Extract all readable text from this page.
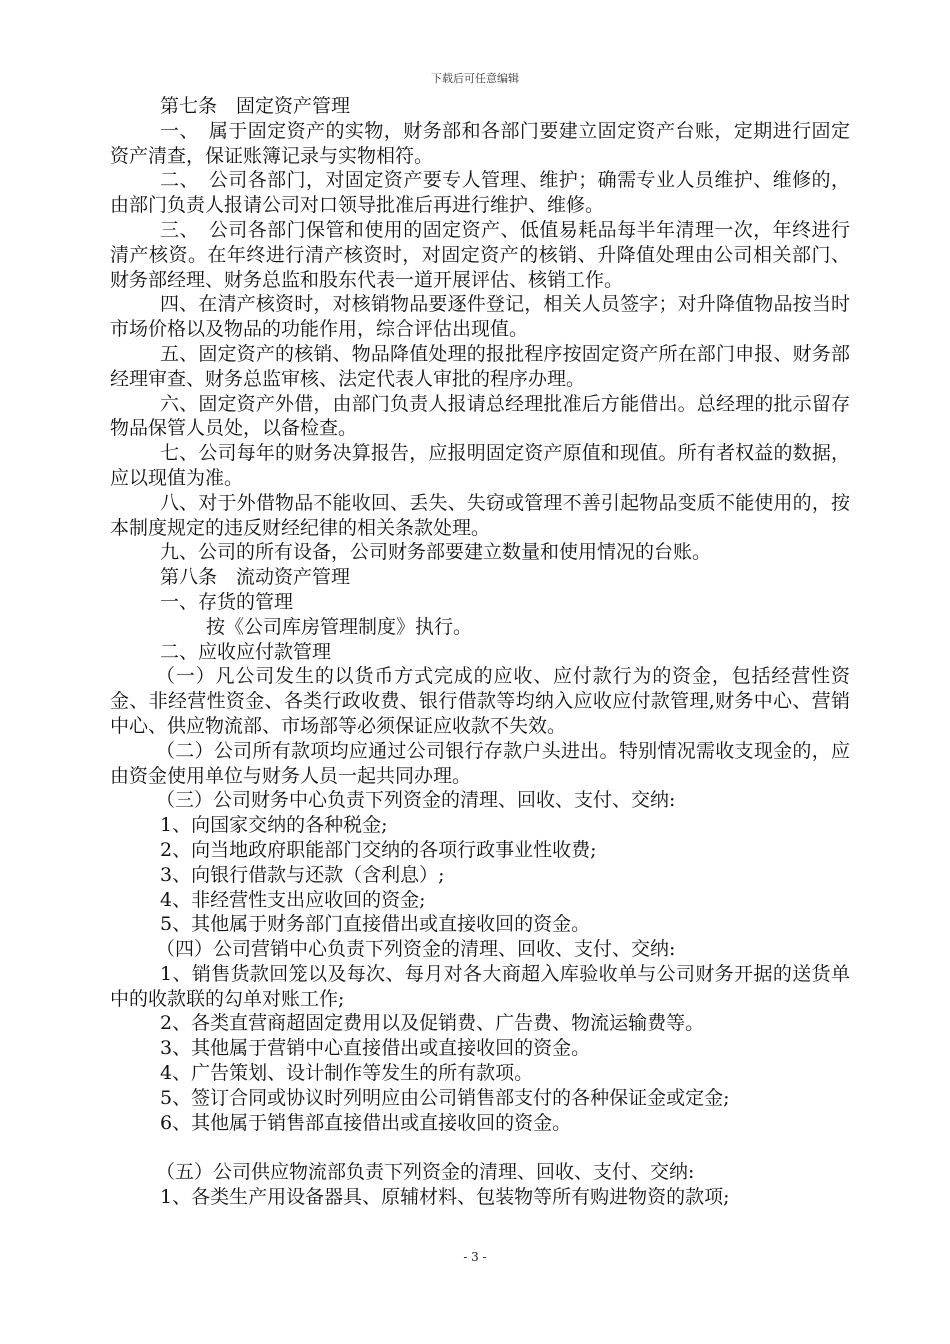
下载后可任意编辑

第七条　固定资产管理

一、　属于固定资产的实物，财务部和各部门要建立固定资产台账，定期进行固定资产清查，保证账簿记录与实物相符。

二、　公司各部门，对固定资产要专人管理、维护；确需专业人员维护、维修的，由部门负责人报请公司对口领导批准后再进行维护、维修。

三、　公司各部门保管和使用的固定资产、低值易耗品每半年清理一次，年终进行清产核资。在年终进行清产核资时，对固定资产的核销、升降值处理由公司相关部门、财务部经理、财务总监和股东代表一道开展评估、核销工作。

四、在清产核资时，对核销物品要逐件登记，相关人员签字；对升降值物品按当时市场价格以及物品的功能作用，综合评估出现值。

五、固定资产的核销、物品降值处理的报批程序按固定资产所在部门申报、财务部经理审查、财务总监审核、法定代表人审批的程序办理。

六、固定资产外借，由部门负责人报请总经理批准后方能借出。总经理的批示留存物品保管人员处，以备检查。

七、公司每年的财务决算报告，应报明固定资产原值和现值。所有者权益的数据，应以现值为准。

八、对于外借物品不能收回、丢失、失窃或管理不善引起物品变质不能使用的，按本制度规定的违反财经纪律的相关条款处理。

九、公司的所有设备，公司财务部要建立数量和使用情况的台账。

第八条　流动资产管理

一、存货的管理

按《公司库房管理制度》执行。

二、应收应付款管理

（一）凡公司发生的以货币方式完成的应收、应付款行为的资金，包括经营性资金、非经营性资金、各类行政收费、银行借款等均纳入应收应付款管理,财务中心、营销中心、供应物流部、市场部等必须保证应收款不失效。

（二）公司所有款项均应通过公司银行存款户头进出。特别情况需收支现金的，应由资金使用单位与财务人员一起共同办理。

（三）公司财务中心负责下列资金的清理、回收、支付、交纳:

1、向国家交纳的各种税金;

2、向当地政府职能部门交纳的各项行政事业性收费;

3、向银行借款与还款（含利息）;

4、非经营性支出应收回的资金;

5、其他属于财务部门直接借出或直接收回的资金。

（四）公司营销中心负责下列资金的清理、回收、支付、交纳:

1、销售货款回笼以及每次、每月对各大商超入库验收单与公司财务开据的送货单中的收款联的勾单对账工作;

2、各类直营商超固定费用以及促销费、广告费、物流运输费等。

3、其他属于营销中心直接借出或直接收回的资金。

4、广告策划、设计制作等发生的所有款项。

5、签订合同或协议时列明应由公司销售部支付的各种保证金或定金;

6、其他属于销售部直接借出或直接收回的资金。

（五）公司供应物流部负责下列资金的清理、回收、支付、交纳:

1、各类生产用设备器具、原辅材料、包装物等所有购进物资的款项;

- 3 -
